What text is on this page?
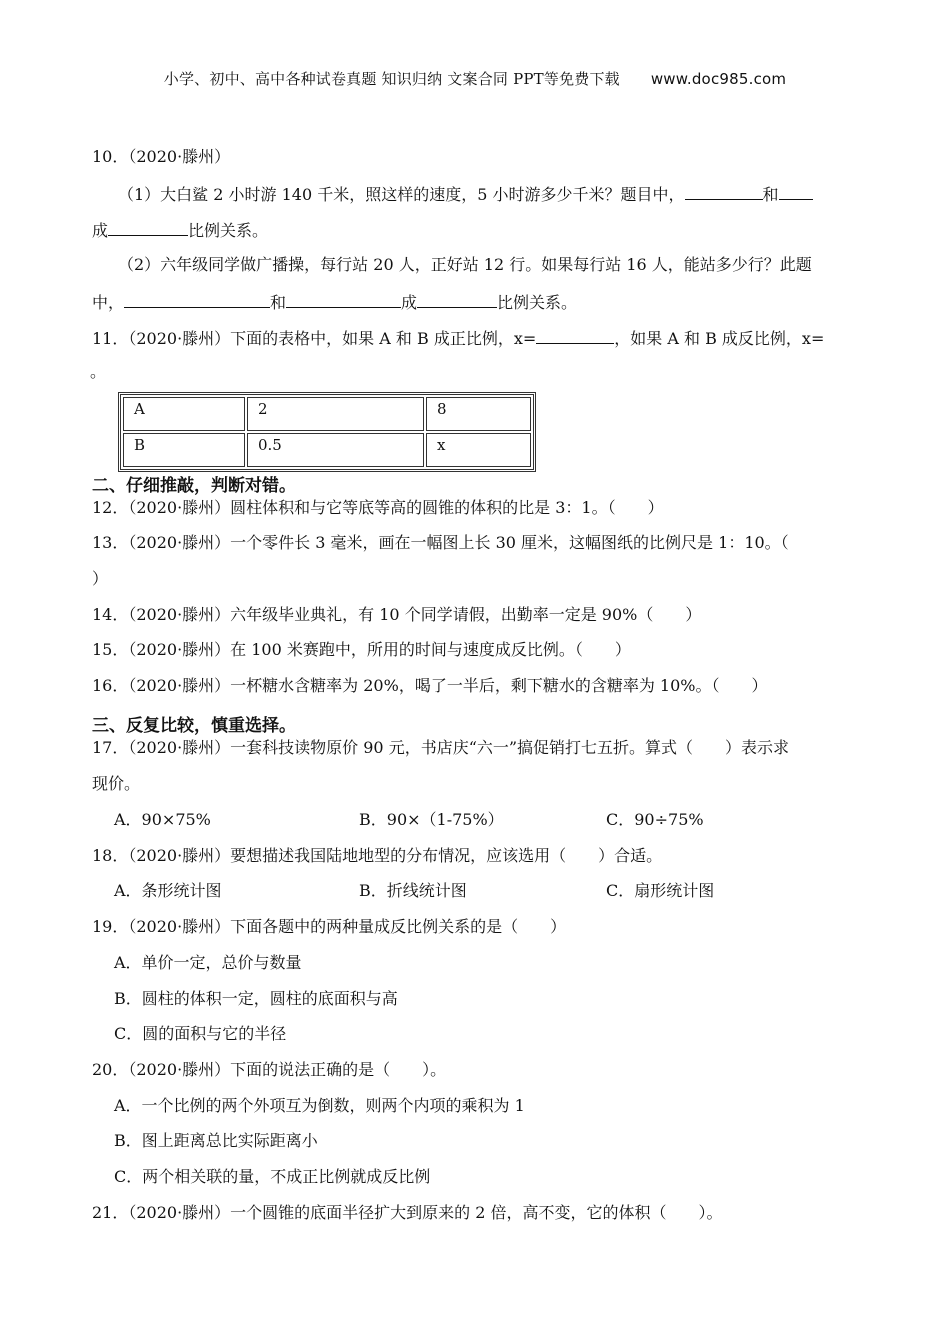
小学、初中、高中各种试卷真题 知识归纳 文案合同 PPT等免费下载 www.doc985.com
10．（2020·滕州）
（1）大白鲨 2 小时游 140 千米，照这样的速度，5 小时游多少千米？题目中，	和
成	比例关系。
（2）六年级同学做广播操，每行站 20 人，正好站 12 行。如果每行站 16 人，能站多少行？此题
中，	和	成	比例关系。
11．（2020·滕州）下面的表格中，如果 A 和 B 成正比例，x=	，如果 A 和 B 成反比例，x=
。
A	2	8
B	0.5	x
二、仔细推敲，判断对错。
12．（2020·滕州）圆柱体积和与它等底等高的圆锥的体积的比是 3：1。（　　）
13．（2020·滕州）一个零件长 3 毫米，画在一幅图上长 30 厘米，这幅图纸的比例尺是 1：10。（
）
14．（2020·滕州）六年级毕业典礼，有 10 个同学请假，出勤率一定是 90%（　　）
15．（2020·滕州）在 100 米赛跑中，所用的时间与速度成反比例。（　　）
16．（2020·滕州）一杯糖水含糖率为 20%，喝了一半后，剩下糖水的含糖率为 10%。（　　）
三、反复比较，慎重选择。
17．（2020·滕州）一套科技读物原价 90 元，书店庆“六一”搞促销打七五折。算式（　　）表示求
现价。
A．90×75%	B．90×（1-75%）	C．90÷75%
18．（2020·滕州）要想描述我国陆地地型的分布情况，应该选用（　　）合适。
A．条形统计图	B．折线统计图	C．扇形统计图
19．（2020·滕州）下面各题中的两种量成反比例关系的是（　　）
A．单价一定，总价与数量
B．圆柱的体积一定，圆柱的底面积与高
C．圆的面积与它的半径
20．（2020·滕州）下面的说法正确的是（　　）。
A．一个比例的两个外项互为倒数，则两个内项的乘积为 1
B．图上距离总比实际距离小
C．两个相关联的量，不成正比例就成反比例
21．（2020·滕州）一个圆锥的底面半径扩大到原来的 2 倍，高不变，它的体积（　　）。
